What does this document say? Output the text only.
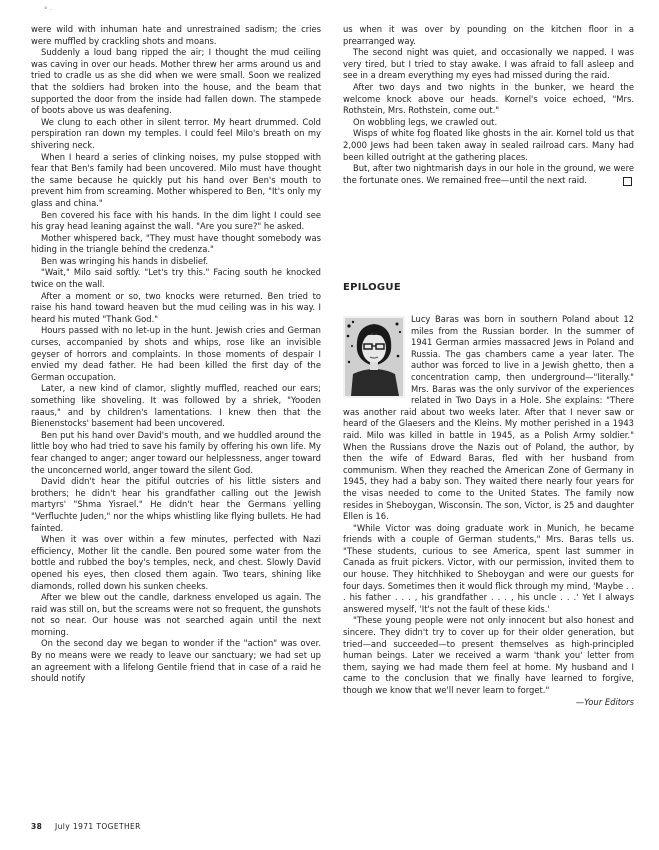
° ·

were wild with inhuman hate and unrestrained sadism; the cries were muffled by crackling shots and moans.

Suddenly a loud bang ripped the air; I thought the mud ceiling was caving in over our heads. Mother threw her arms around us and tried to cradle us as she did when we were small. Soon we realized that the soldiers had broken into the house, and the beam that supported the door from the inside had fallen down. The stampede of boots above us was deafening.

We clung to each other in silent terror. My heart drummed. Cold perspiration ran down my temples. I could feel Milo's breath on my shivering neck.

When I heard a series of clinking noises, my pulse stopped with fear that Ben's family had been uncovered. Milo must have thought the same because he quickly put his hand over Ben's mouth to prevent him from screaming. Mother whispered to Ben, "It's only my glass and china."

Ben covered his face with his hands. In the dim light I could see his gray head leaning against the wall. "Are you sure?" he asked.

Mother whispered back, "They must have thought somebody was hiding in the triangle behind the credenza."

Ben was wringing his hands in disbelief.

"Wait," Milo said softly. "Let's try this." Facing south he knocked twice on the wall.

After a moment or so, two knocks were returned. Ben tried to raise his hand toward heaven but the mud ceiling was in his way. I heard his muted "Thank God."

Hours passed with no let-up in the hunt. Jewish cries and German curses, accompanied by shots and whips, rose like an invisible geyser of horrors and complaints. In those moments of despair I envied my dead father. He had been killed the first day of the German occupation.

Later, a new kind of clamor, slightly muffled, reached our ears; something like shoveling. It was followed by a shriek, "Yooden raaus," and by children's lamentations. I knew then that the Bienenstocks' basement had been uncovered.

Ben put his hand over David's mouth, and we huddled around the little boy who had tried to save his family by offering his own life. My fear changed to anger; anger toward our helplessness, anger toward the unconcerned world, anger toward the silent God.

David didn't hear the pitiful outcries of his little sisters and brothers; he didn't hear his grandfather calling out the Jewish martyrs' "Shma Yisrael." He didn't hear the Germans yelling "Verfluchte Juden," nor the whips whistling like flying bullets. He had fainted.

When it was over within a few minutes, perfected with Nazi efficiency, Mother lit the candle. Ben poured some water from the bottle and rubbed the boy's temples, neck, and chest. Slowly David opened his eyes, then closed them again. Two tears, shining like diamonds, rolled down his sunken cheeks.

After we blew out the candle, darkness enveloped us again. The raid was still on, but the screams were not so frequent, the gunshots not so near. Our house was not searched again until the next morning.

On the second day we began to wonder if the "action" was over. By no means were we ready to leave our sanctuary; we had set up an agreement with a lifelong Gentile friend that in case of a raid he should notify

us when it was over by pounding on the kitchen floor in a prearranged way.

The second night was quiet, and occasionally we napped. I was very tired, but I tried to stay awake. I was afraid to fall asleep and see in a dream everything my eyes had missed during the raid.

After two days and two nights in the bunker, we heard the welcome knock above our heads. Kornel's voice echoed, "Mrs. Rothstein, Mrs. Rothstein, come out."

On wobbling legs, we crawled out.

Wisps of white fog floated like ghosts in the air. Kornel told us that 2,000 Jews had been taken away in sealed railroad cars. Many had been killed outright at the gathering places.

But, after two nightmarish days in our hole in the ground, we were the fortunate ones. We remained free—until the next raid.

EPILOGUE

Lucy Baras was born in southern Poland about 12 miles from the Russian border. In the summer of 1941 German armies massacred Jews in Poland and Russia. The gas chambers came a year later. The author was forced to live in a Jewish ghetto, then a concentration camp, then underground—"literally." Mrs. Baras was the only survivor of the experiences related in Two Days in a Hole. She explains: "There was another raid about two weeks later. After that I never saw or heard of the Glaesers and the Kleins. My mother perished in a 1943 raid. Milo was killed in battle in 1945, as a Polish Army soldier." When the Russians drove the Nazis out of Poland, the author, by then the wife of Edward Baras, fled with her husband from communism. When they reached the American Zone of Germany in 1945, they had a baby son. They waited there nearly four years for the visas needed to come to the United States. The family now resides in Sheboygan, Wisconsin. The son, Victor, is 25 and daughter Ellen is 16.

"While Victor was doing graduate work in Munich, he became friends with a couple of German students," Mrs. Baras tells us. "These students, curious to see America, spent last summer in Canada as fruit pickers. Victor, with our permission, invited them to our house. They hitchhiked to Sheboygan and were our guests for four days. Sometimes then it would flick through my mind, 'Maybe . . . his father . . . , his grandfather . . . , his uncle . . .' Yet I always answered myself, 'It's not the fault of these kids.'

"These young people were not only innocent but also honest and sincere. They didn't try to cover up for their older generation, but tried—and succeeded—to present themselves as high-principled human beings. Later we received a warm 'thank you' letter from them, saying we had made them feel at home. My husband and I came to the conclusion that we finally have learned to forgive, though we know that we'll never learn to forget."

—Your Editors
38 July 1971 TOGETHER
